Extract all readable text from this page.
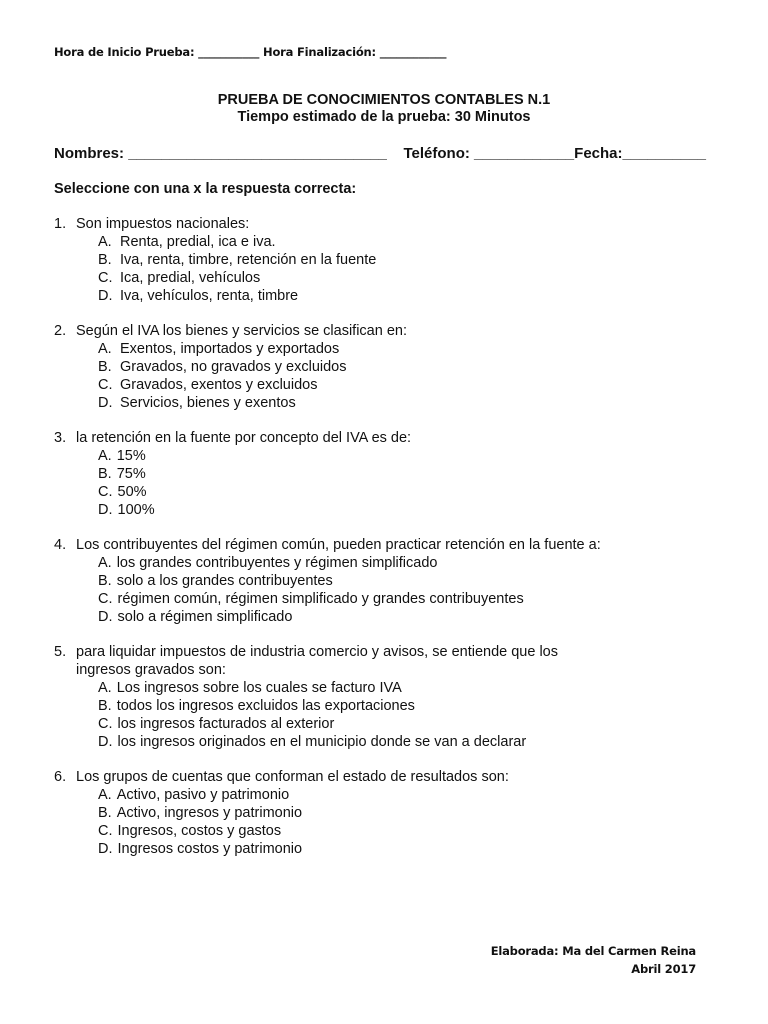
Hora de Inicio Prueba: ___________ Hora Finalización: ____________
PRUEBA DE CONOCIMIENTOS CONTABLES N.1
Tiempo estimado de la prueba: 30 Minutos
Nombres: _______________________________ Teléfono: ____________Fecha:__________
Seleccione con una x la respuesta correcta:
1. Son impuestos nacionales:
A. Renta, predial, ica e iva.
B. Iva, renta, timbre, retención en la fuente
C. Ica, predial, vehículos
D. Iva, vehículos, renta, timbre
2. Según el IVA los bienes y servicios se clasifican en:
A. Exentos, importados y exportados
B. Gravados, no gravados y excluidos
C. Gravados, exentos y excluidos
D. Servicios, bienes y exentos
3. la retención en la fuente por concepto del IVA es de:
A. 15%
B. 75%
C. 50%
D. 100%
4. Los contribuyentes del régimen común, pueden practicar retención en la fuente a:
A. los grandes contribuyentes y régimen simplificado
B. solo a los grandes contribuyentes
C. régimen común, régimen simplificado y grandes contribuyentes
D. solo a régimen simplificado
5. para liquidar impuestos de industria comercio y avisos, se entiende que los ingresos gravados son:
A. Los ingresos sobre los cuales se facturo IVA
B. todos los ingresos excluidos las exportaciones
C. los ingresos facturados al exterior
D. los ingresos originados en el municipio donde se van a declarar
6. Los grupos de cuentas que conforman el estado de resultados son:
A. Activo, pasivo y patrimonio
B. Activo, ingresos y patrimonio
C. Ingresos, costos y gastos
D. Ingresos costos y patrimonio
Elaborada: Ma del Carmen Reina
Abril 2017
